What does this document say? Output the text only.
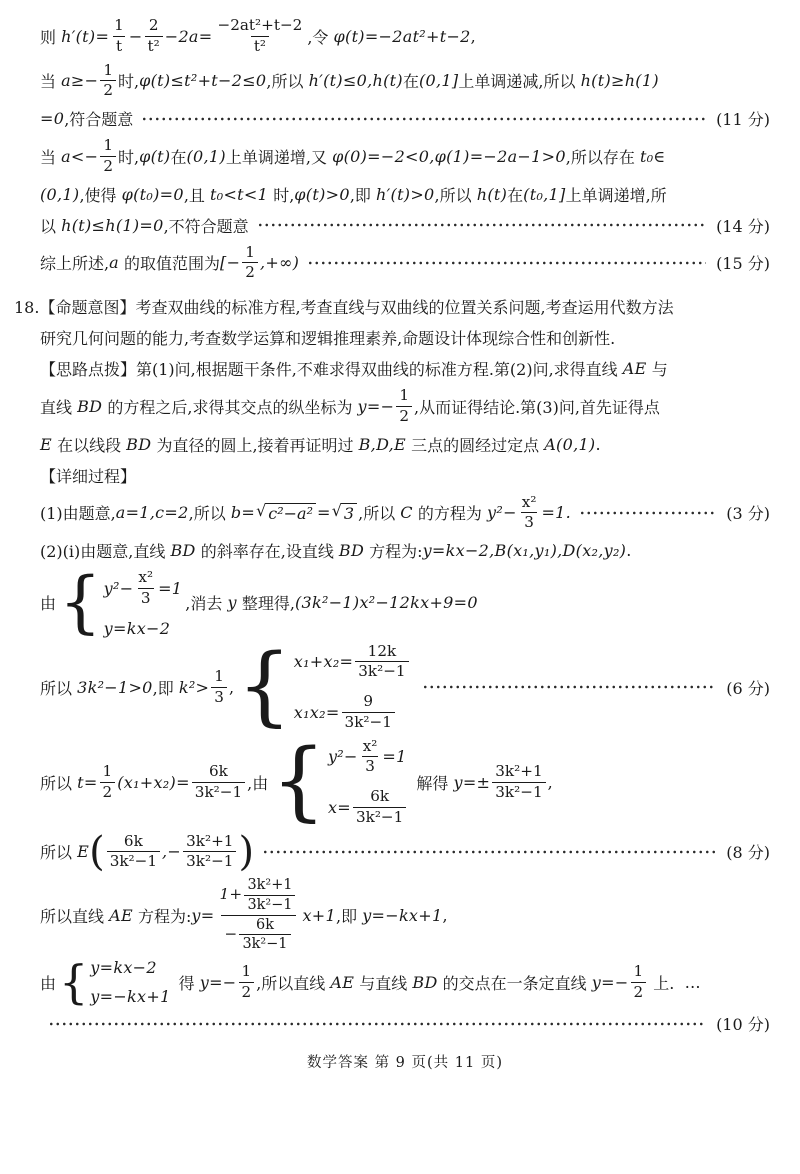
则 $h'(t)= \frac{1}{t} - \frac{2}{\text{t²}} -2a= \frac{\text{−2at²+t−2}}{\text{t²}}$ ,令 φ(t)=−2at²+t−2 ,
当 $a\ge- \frac{1}{2}$ 时, φ(t)≤t²+t−2≤0 ,所以 h′(t)≤0,h(t) 在 (0,1] 上单调递减,所以 h(t)≥h(1)
=0 ,符合题意	(11 分)
当 $a<- \frac{1}{2}$ 时, φ(t) 在 (0,1) 上单调递增,又 φ(0)=−2<0,φ(1)=−2a−1>0 ,所以存在 t₀∈
(0,1) ,使得 φ(t₀)=0 ,且 t₀<t<1 时, φ(t)>0 ,即 h′(t)>0 ,所以 h(t) 在 (t₀,1] 上单调递增,所
以 h(t)≤h(1)=0 ,不符合题意	(14 分)
综上所述, a 的取值范围为 [− $\frac{1}{2}$ ,+∞)	(15 分)
18.【命题意图】考查双曲线的标准方程,考查直线与双曲线的位置关系问题,考查运用代数方法
研究几何问题的能力,考查数学运算和逻辑推理素养,命题设计体现综合性和创新性.
【思路点拨】第(1)问,根据题干条件,不难求得双曲线的标准方程.第(2)问,求得直线 AE 与
直线 BD 的方程之后,求得其交点的纵坐标为 $y=- \frac{1}{2}$ ,从而证得结论.第(3)问,首先证得点
E 在以线段 BD 为直径的圆上,接着再证明过 B,D,E 三点的圆经过定点 A(0,1) .
【详细过程】
(1)由题意, a=1,c=2 ,所以 b= √ c²−a² = √ 3 ,所以 C 的方程为 $y^2- \frac{\text{x²}}{3} =1$.	(3 分)
(2)(ⅰ)由题意,直线 BD 的斜率存在,设直线 BD 方程为: y=kx−2,B(x₁,y₁),D(x₂,y₂) .
由 { $y^2- \frac{\text{x²}}{3} =1$
y=kx−2
,消去 y 整理得, (3k²−1)x²−12kx+9=0
所以 3k²−1>0 ,即 $k^2> \frac{1}{3}$ , { $x_1+x_2= \frac{12k}{\text{3k²−1}}$
$x_1x_2= \frac{9}{\text{3k²−1}}$
(6 分)
所以 $t= \frac{1}{2} (x_1+x_2)= \frac{6k}{\text{3k²−1}}$ ,由 { $y^2- \frac{\text{x²}}{3} =1$
$x= \frac{6k}{\text{3k²−1}}$
解得 $y=\pm \frac{\text{3k²+1}}{\text{3k²−1}}$ ,
所以 E ( $\frac{6k}{\text{3k²−1}}$ ,− $\frac{\text{3k²+1}}{\text{3k²−1}}$ )	(8 分)
所以直线 AE 方程为: $y= \frac{1+ \frac{\text{3k²+1}}{\text{3k²−1}}}{- \frac{6k}{\text{3k²−1}}} x+1$ ,即 y=−kx+1 ,
由 { y=kx−2
y=−kx+1
得 $y=- \frac{1}{2}$ ,所以直线 AE 与直线 BD 的交点在一条定直线 $y=- \frac{1}{2}$ 上. …
(10 分)
数学答案 第 9 页(共 11 页)
